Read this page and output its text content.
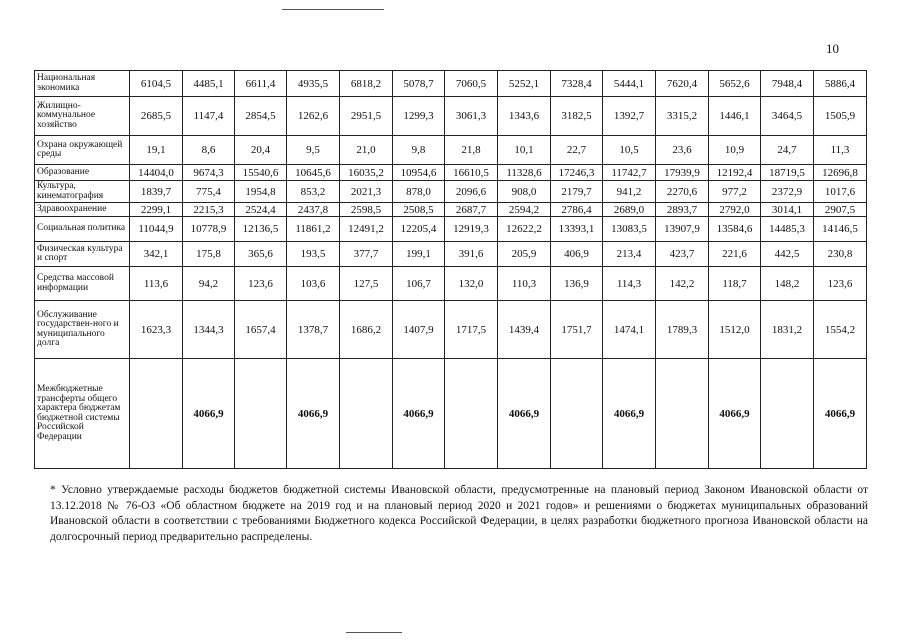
10
Национальная экономика	6104,5	4485,1	6611,4	4935,5	6818,2	5078,7	7060,5	5252,1	7328,4	5444,1	7620,4	5652,6	7948,4	5886,4
Жилищно-коммунальное хозяйство	2685,5	1147,4	2854,5	1262,6	2951,5	1299,3	3061,3	1343,6	3182,5	1392,7	3315,2	1446,1	3464,5	1505,9
Охрана окружающей среды	19,1	8,6	20,4	9,5	21,0	9,8	21,8	10,1	22,7	10,5	23,6	10,9	24,7	11,3
Образование	14404,0	9674,3	15540,6	10645,6	16035,2	10954,6	16610,5	11328,6	17246,3	11742,7	17939,9	12192,4	18719,5	12696,8
Культура, кинематография	1839,7	775,4	1954,8	853,2	2021,3	878,0	2096,6	908,0	2179,7	941,2	2270,6	977,2	2372,9	1017,6
Здравоохранение	2299,1	2215,3	2524,4	2437,8	2598,5	2508,5	2687,7	2594,2	2786,4	2689,0	2893,7	2792,0	3014,1	2907,5
Социальная политика	11044,9	10778,9	12136,5	11861,2	12491,2	12205,4	12919,3	12622,2	13393,1	13083,5	13907,9	13584,6	14485,3	14146,5
Физическая культура и спорт	342,1	175,8	365,6	193,5	377,7	199,1	391,6	205,9	406,9	213,4	423,7	221,6	442,5	230,8
Средства массовой информации	113,6	94,2	123,6	103,6	127,5	106,7	132,0	110,3	136,9	114,3	142,2	118,7	148,2	123,6
Обслуживание государствен-ного и муниципального долга	1623,3	1344,3	1657,4	1378,7	1686,2	1407,9	1717,5	1439,4	1751,7	1474,1	1789,3	1512,0	1831,2	1554,2
Межбюджетные трансферты общего характера бюджетам бюджетной системы Российской Федерации		4066,9		4066,9		4066,9		4066,9		4066,9		4066,9		4066,9

* Условно утверждаемые расходы бюджетов бюджетной системы Ивановской области, предусмотренные на плановый период Законом Ивановской области от 13.12.2018 № 76-ОЗ «Об областном бюджете на 2019 год и на плановый период 2020 и 2021 годов» и решениями о бюджетах муниципальных образований Ивановской области в соответствии с требованиями Бюджетного кодекса Российской Федерации, в целях разработки бюджетного прогноза Ивановской области на долгосрочный период предварительно распределены.
